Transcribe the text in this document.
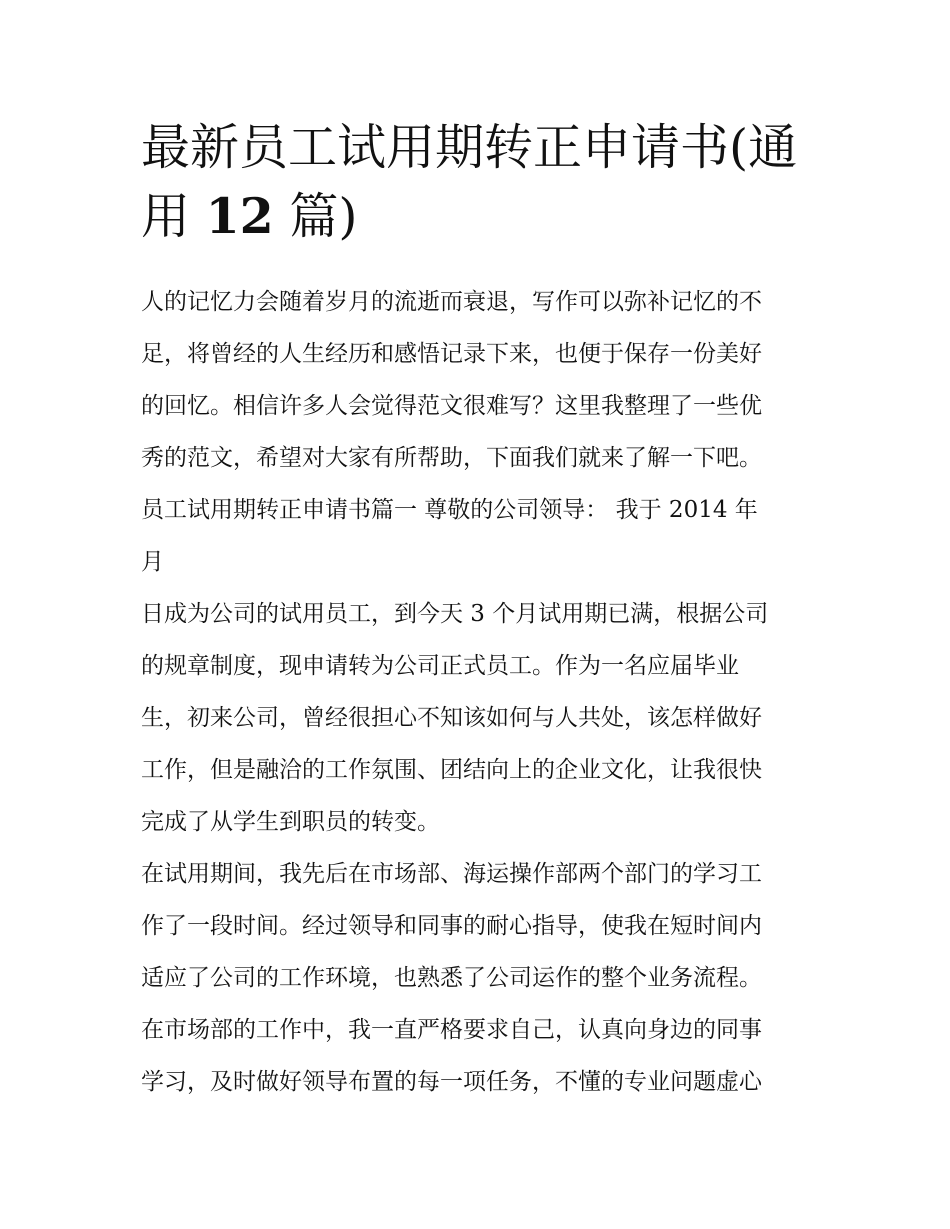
最新员工试用期转正申请书(通
用 12 篇)
人的记忆力会随着岁月的流逝而衰退，写作可以弥补记忆的不
足，将曾经的人生经历和感悟记录下来，也便于保存一份美好
的回忆。相信许多人会觉得范文很难写？这里我整理了一些优
秀的范文，希望对大家有所帮助，下面我们就来了解一下吧。
员工试用期转正申请书篇一 尊敬的公司领导： 我于 2014 年
月
日成为公司的试用员工，到今天 3 个月试用期已满，根据公司
的规章制度，现申请转为公司正式员工。作为一名应届毕业
生，初来公司，曾经很担心不知该如何与人共处，该怎样做好
工作，但是融洽的工作氛围、团结向上的企业文化，让我很快
完成了从学生到职员的转变。
在试用期间，我先后在市场部、海运操作部两个部门的学习工
作了一段时间。经过领导和同事的耐心指导，使我在短时间内
适应了公司的工作环境，也熟悉了公司运作的整个业务流程。
在市场部的工作中，我一直严格要求自己，认真向身边的同事
学习，及时做好领导布置的每一项任务，不懂的专业问题虚心
